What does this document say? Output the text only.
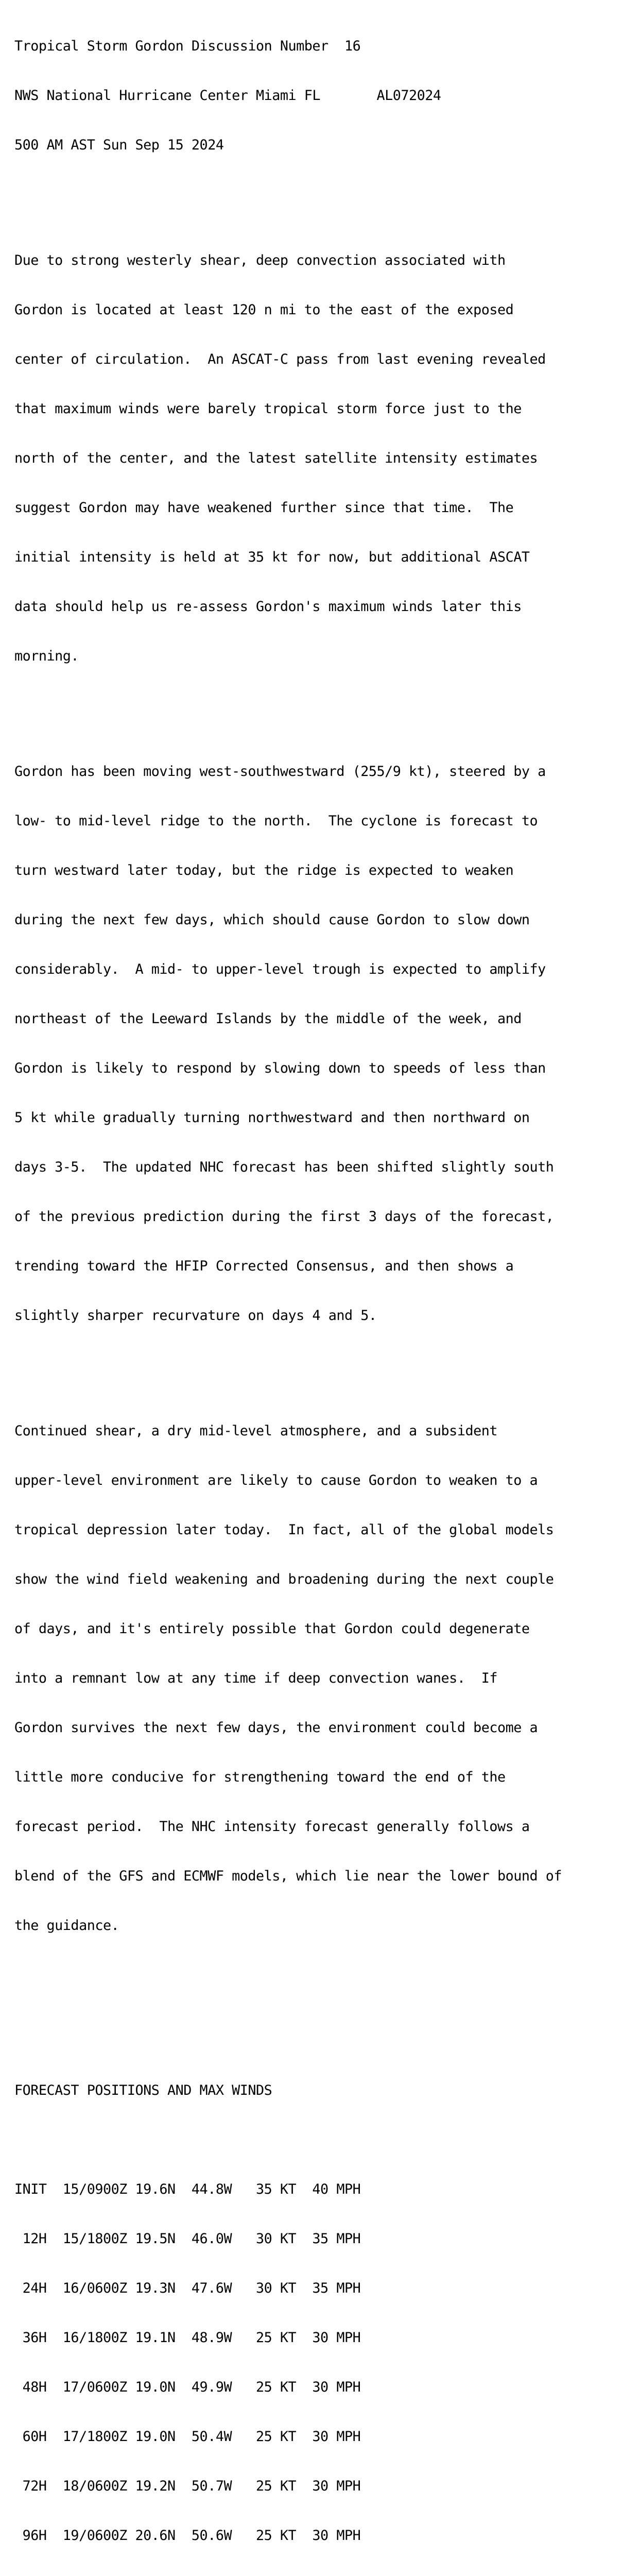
Tropical Storm Gordon Discussion Number  16

NWS National Hurricane Center Miami FL       AL072024

500 AM AST Sun Sep 15 2024

Due to strong westerly shear, deep convection associated with

Gordon is located at least 120 n mi to the east of the exposed

center of circulation.  An ASCAT-C pass from last evening revealed

that maximum winds were barely tropical storm force just to the

north of the center, and the latest satellite intensity estimates

suggest Gordon may have weakened further since that time.  The

initial intensity is held at 35 kt for now, but additional ASCAT

data should help us re-assess Gordon's maximum winds later this

morning.

Gordon has been moving west-southwestward (255/9 kt), steered by a

low- to mid-level ridge to the north.  The cyclone is forecast to

turn westward later today, but the ridge is expected to weaken

during the next few days, which should cause Gordon to slow down

considerably.  A mid- to upper-level trough is expected to amplify

northeast of the Leeward Islands by the middle of the week, and

Gordon is likely to respond by slowing down to speeds of less than

5 kt while gradually turning northwestward and then northward on

days 3-5.  The updated NHC forecast has been shifted slightly south

of the previous prediction during the first 3 days of the forecast,

trending toward the HFIP Corrected Consensus, and then shows a

slightly sharper recurvature on days 4 and 5.

Continued shear, a dry mid-level atmosphere, and a subsident

upper-level environment are likely to cause Gordon to weaken to a

tropical depression later today.  In fact, all of the global models

show the wind field weakening and broadening during the next couple

of days, and it's entirely possible that Gordon could degenerate

into a remnant low at any time if deep convection wanes.  If

Gordon survives the next few days, the environment could become a

little more conducive for strengthening toward the end of the

forecast period.  The NHC intensity forecast generally follows a

blend of the GFS and ECMWF models, which lie near the lower bound of

the guidance.

FORECAST POSITIONS AND MAX WINDS

INIT  15/0900Z 19.6N  44.8W   35 KT  40 MPH

12H  15/1800Z 19.5N  46.0W   30 KT  35 MPH

24H  16/0600Z 19.3N  47.6W   30 KT  35 MPH

36H  16/1800Z 19.1N  48.9W   25 KT  30 MPH

48H  17/0600Z 19.0N  49.9W   25 KT  30 MPH

60H  17/1800Z 19.0N  50.4W   25 KT  30 MPH

72H  18/0600Z 19.2N  50.7W   25 KT  30 MPH

96H  19/0600Z 20.6N  50.6W   25 KT  30 MPH
